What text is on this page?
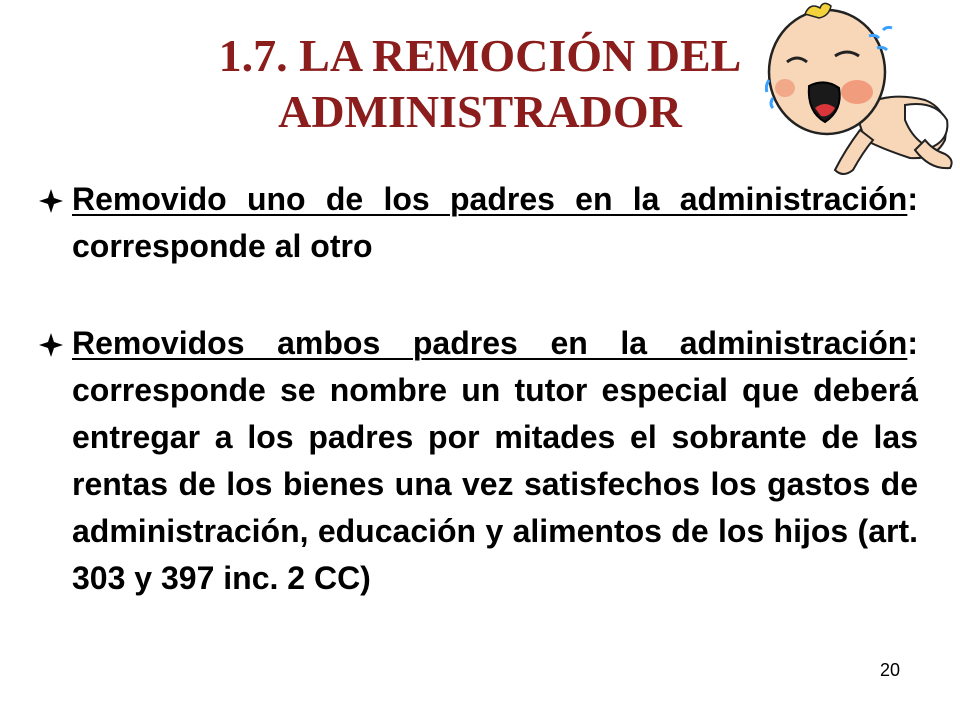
1.7. LA REMOCIÓN DEL
ADMINISTRADOR
Removido uno de los padres en la administración: corresponde al otro
Removidos ambos padres en la administración: corresponde se nombre un tutor especial que deberá entregar a los padres por mitades el sobrante de las rentas de los bienes una vez satisfechos los gastos de administración, educación y alimentos de los hijos (art. 303 y 397 inc. 2 CC)
20
